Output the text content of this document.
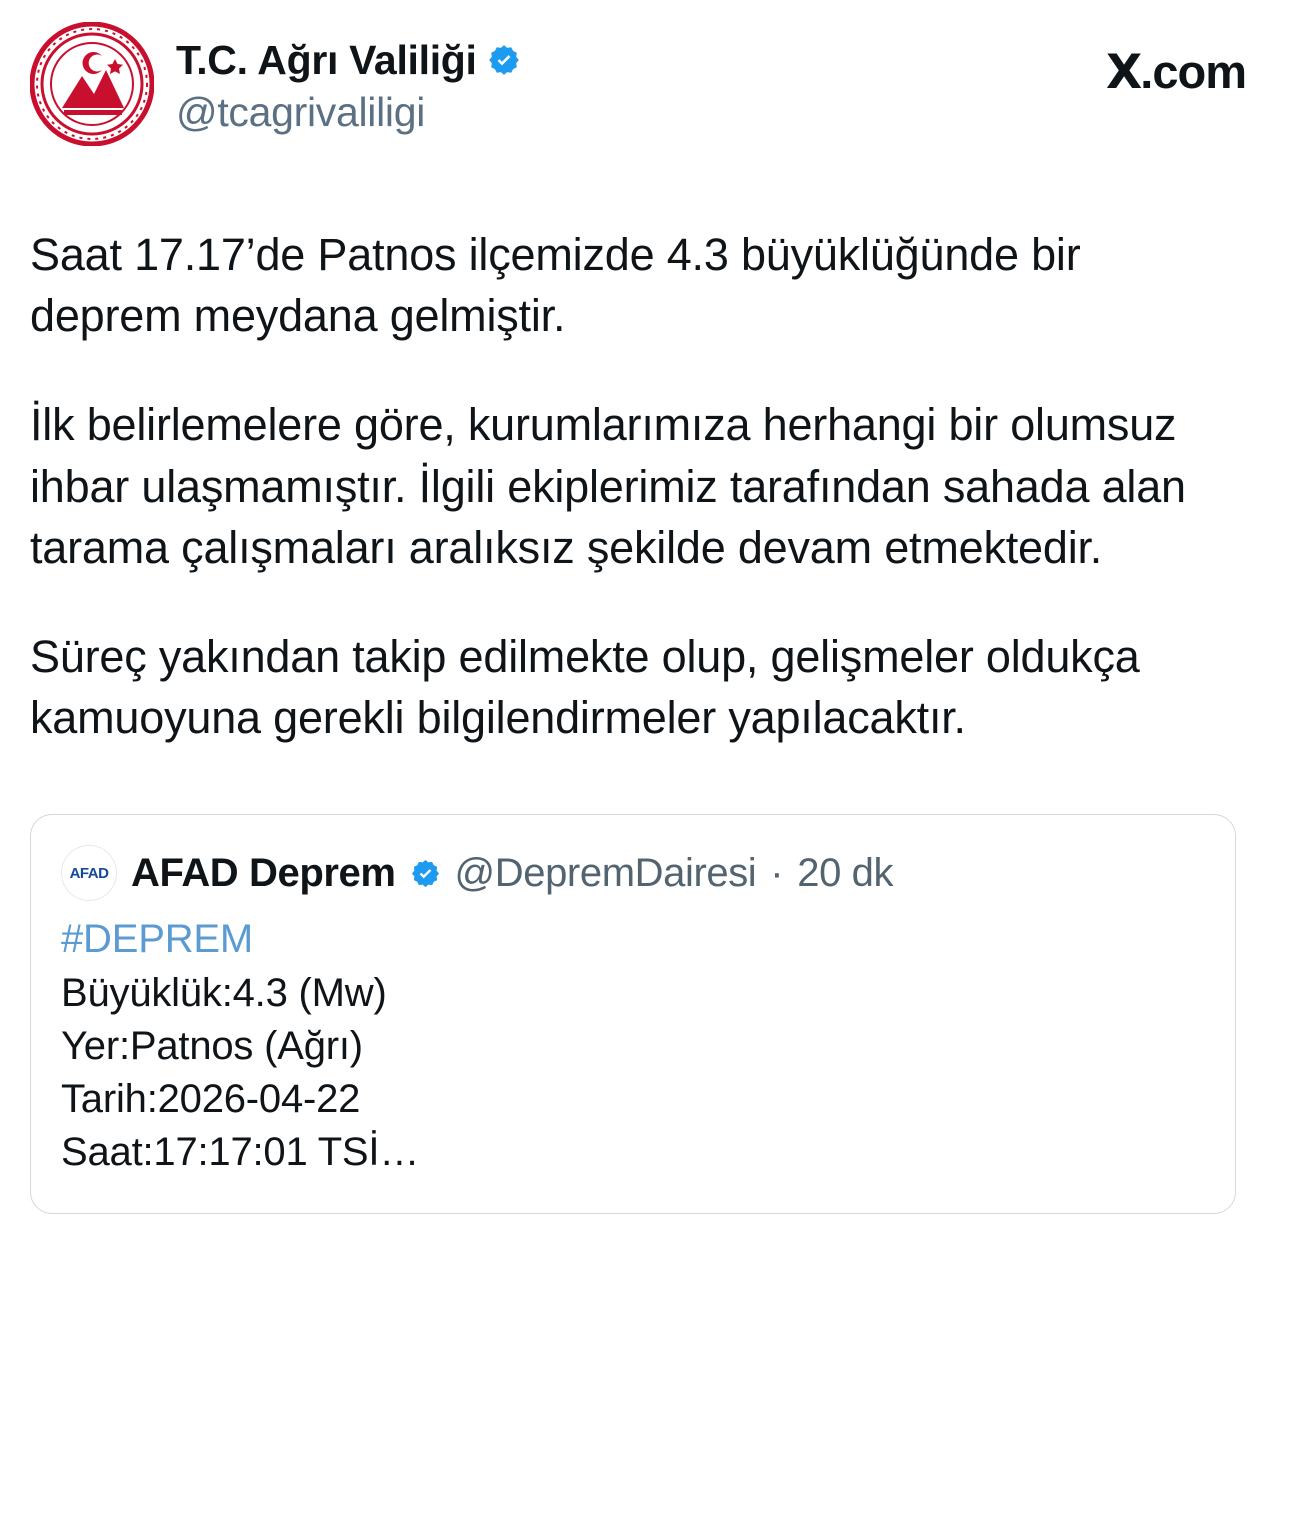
T.C. Ağrı Valiliği
@tcagrivaliligi
X .com

Saat 17.17’de Patnos ilçemizde 4.3 büyüklüğünde bir deprem meydana gelmiştir.

İlk belirlemelere göre, kurumlarımıza herhangi bir olumsuz ihbar ulaşmamıştır. İlgili ekiplerimiz tarafından sahada alan tarama çalışmaları aralıksız şekilde devam etmektedir.

Süreç yakından takip edilmekte olup, gelişmeler oldukça kamuoyuna gerekli bilgilendirmeler yapılacaktır.

AFAD AFAD Deprem @DepremDairesi · 20 dk
#DEPREM
Büyüklük:4.3 (Mw)
Yer:Patnos (Ağrı)
Tarih:2026-04-22
Saat:17:17:01 TSİ…
